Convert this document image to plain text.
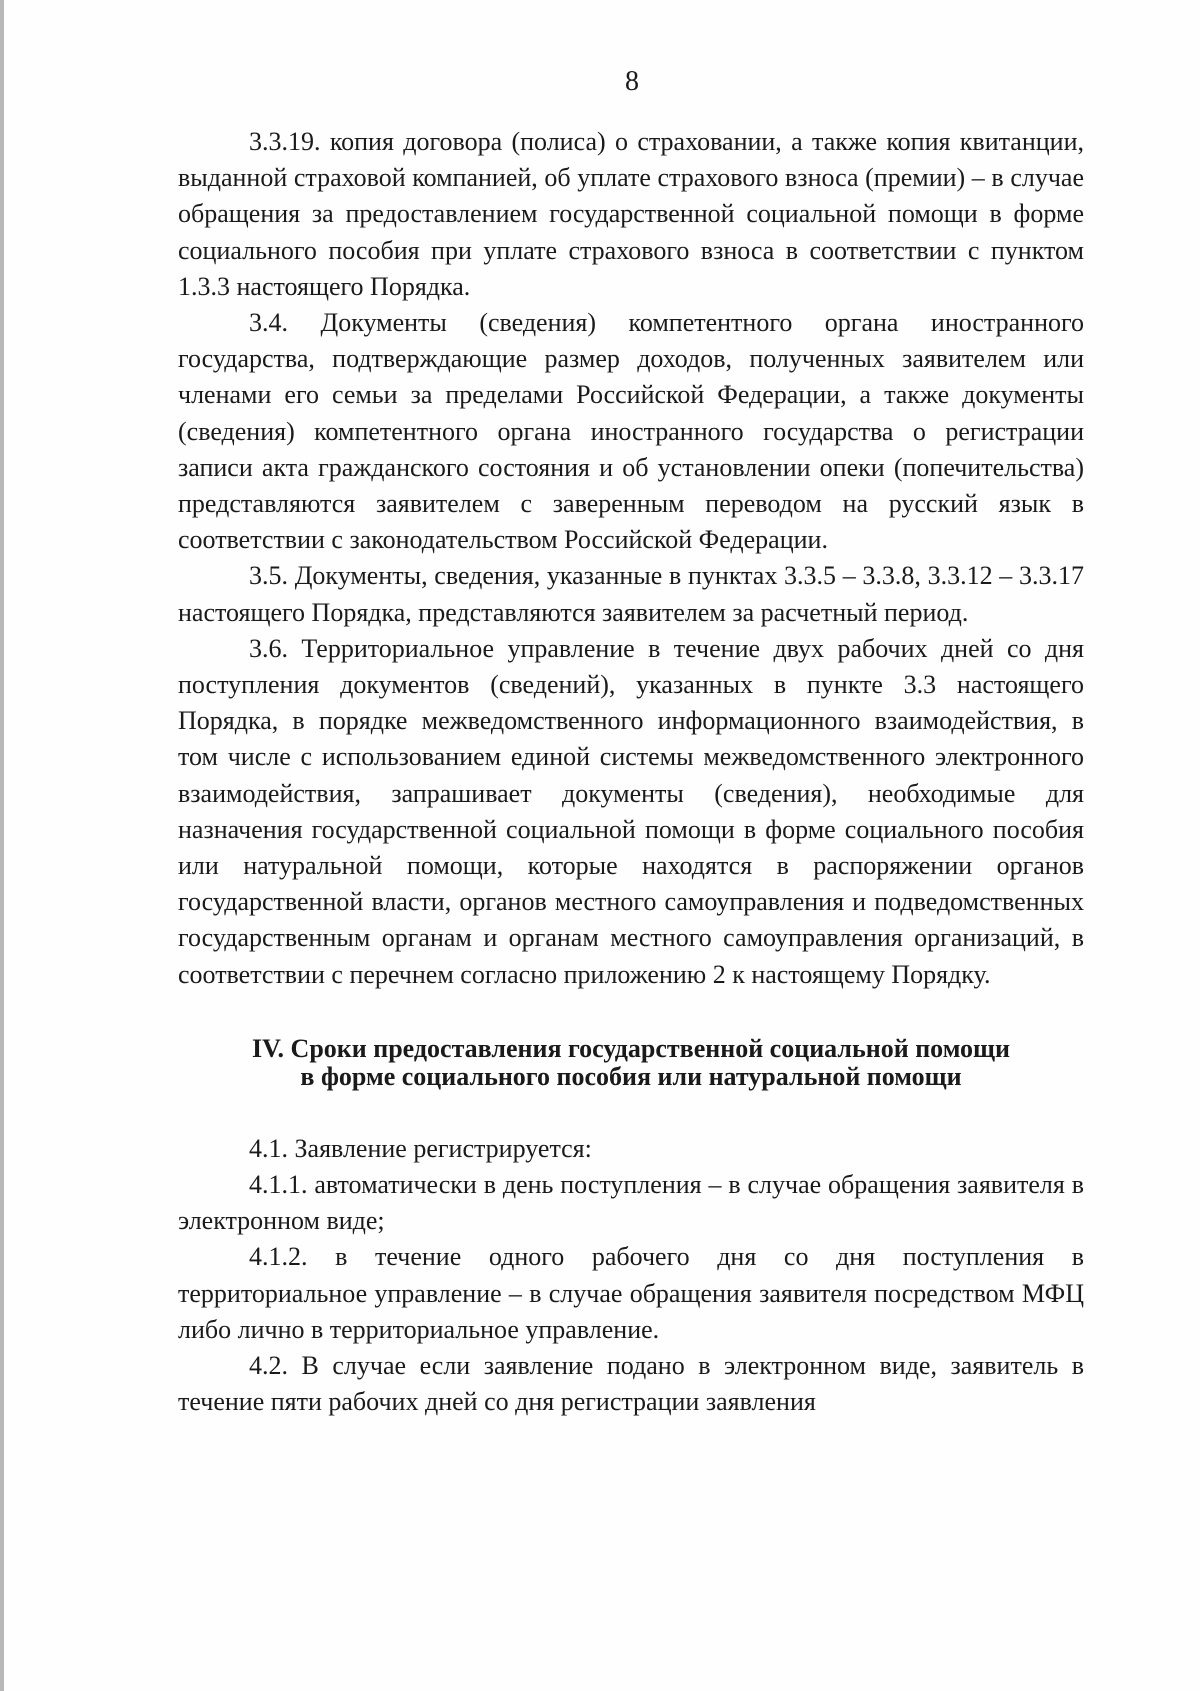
8

3.3.19. копия договора (полиса) о страховании, а также копия квитанции, выданной страховой компанией, об уплате страхового взноса (премии) – в случае обращения за предоставлением государственной социальной помощи в форме социального пособия при уплате страхового взноса в соответствии с пунктом 1.3.3 настоящего Порядка.

3.4. Документы (сведения) компетентного органа иностранного государства, подтверждающие размер доходов, полученных заявителем или членами его семьи за пределами Российской Федерации, а также документы (сведения) компетентного органа иностранного государства о регистрации записи акта гражданского состояния и об установлении опеки (попечительства) представляются заявителем с заверенным переводом на русский язык в соответствии с законодательством Российской Федерации.

3.5. Документы, сведения, указанные в пунктах 3.3.5 – 3.3.8, 3.3.12 – 3.3.17 настоящего Порядка, представляются заявителем за расчетный период.

3.6. Территориальное управление в течение двух рабочих дней со дня поступления документов (сведений), указанных в пункте 3.3 настоящего Порядка, в порядке межведомственного информационного взаимодействия, в том числе с использованием единой системы межведомственного электронного взаимодействия, запрашивает документы (сведения), необходимые для назначения государственной социальной помощи в форме социального пособия или натуральной помощи, которые находятся в распоряжении органов государственной власти, органов местного самоуправления и подведомственных государственным органам и органам местного самоуправления организаций, в соответствии с перечнем согласно приложению 2 к настоящему Порядку.

IV. Сроки предоставления государственной социальной помощи

в форме социального пособия или натуральной помощи

4.1. Заявление регистрируется:

4.1.1. автоматически в день поступления – в случае обращения заявителя в электронном виде;

4.1.2. в течение одного рабочего дня со дня поступления в территориальное управление – в случае обращения заявителя посредством МФЦ либо лично в территориальное управление.

4.2. В случае если заявление подано в электронном виде, заявитель в течение пяти рабочих дней со дня регистрации заявления
